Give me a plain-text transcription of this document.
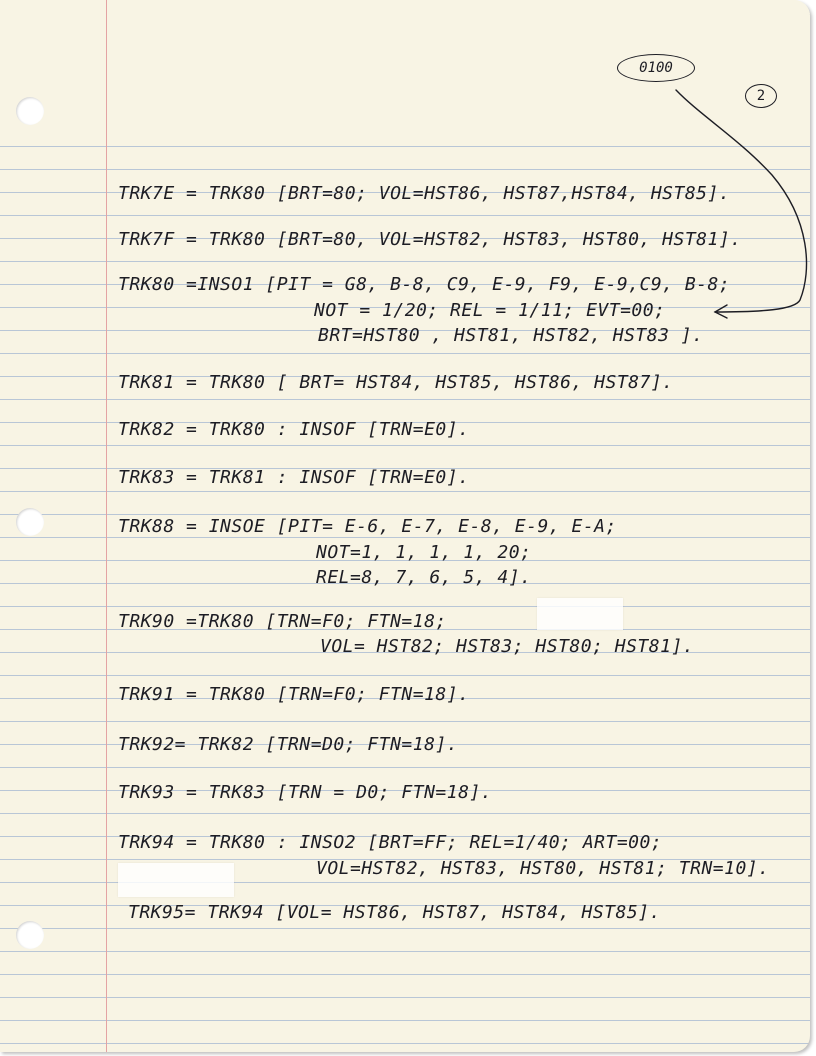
0100
2
TRK7E = TRK80 [BRT=80; VOL=HST86, HST87,HST84, HST85].
TRK7F = TRK80 [BRT=80, VOL=HST82, HST83, HST80, HST81].
TRK80 =INSO1 [PIT = G8, B-8, C9, E-9, F9, E-9,C9, B-8;
NOT = 1/20; REL = 1/11; EVT=00;
BRT=HST80 , HST81, HST82, HST83 ].
TRK81 = TRK80 [ BRT= HST84, HST85, HST86, HST87].
TRK82 = TRK80 : INSOF [TRN=E0].
TRK83 = TRK81 : INSOF [TRN=E0].
TRK88 = INSOE [PIT= E-6, E-7, E-8, E-9, E-A;
NOT=1, 1, 1, 1, 20;
REL=8, 7, 6, 5, 4].
TRK90 =TRK80 [TRN=F0; FTN=18;
VOL= HST82; HST83; HST80; HST81].
TRK91 = TRK80 [TRN=F0; FTN=18].
TRK92= TRK82 [TRN=D0; FTN=18].
TRK93 = TRK83 [TRN = D0; FTN=18].
TRK94 = TRK80 : INSO2 [BRT=FF; REL=1/40; ART=00;
VOL=HST82, HST83, HST80, HST81; TRN=10].
TRK95= TRK94 [VOL= HST86, HST87, HST84, HST85].
